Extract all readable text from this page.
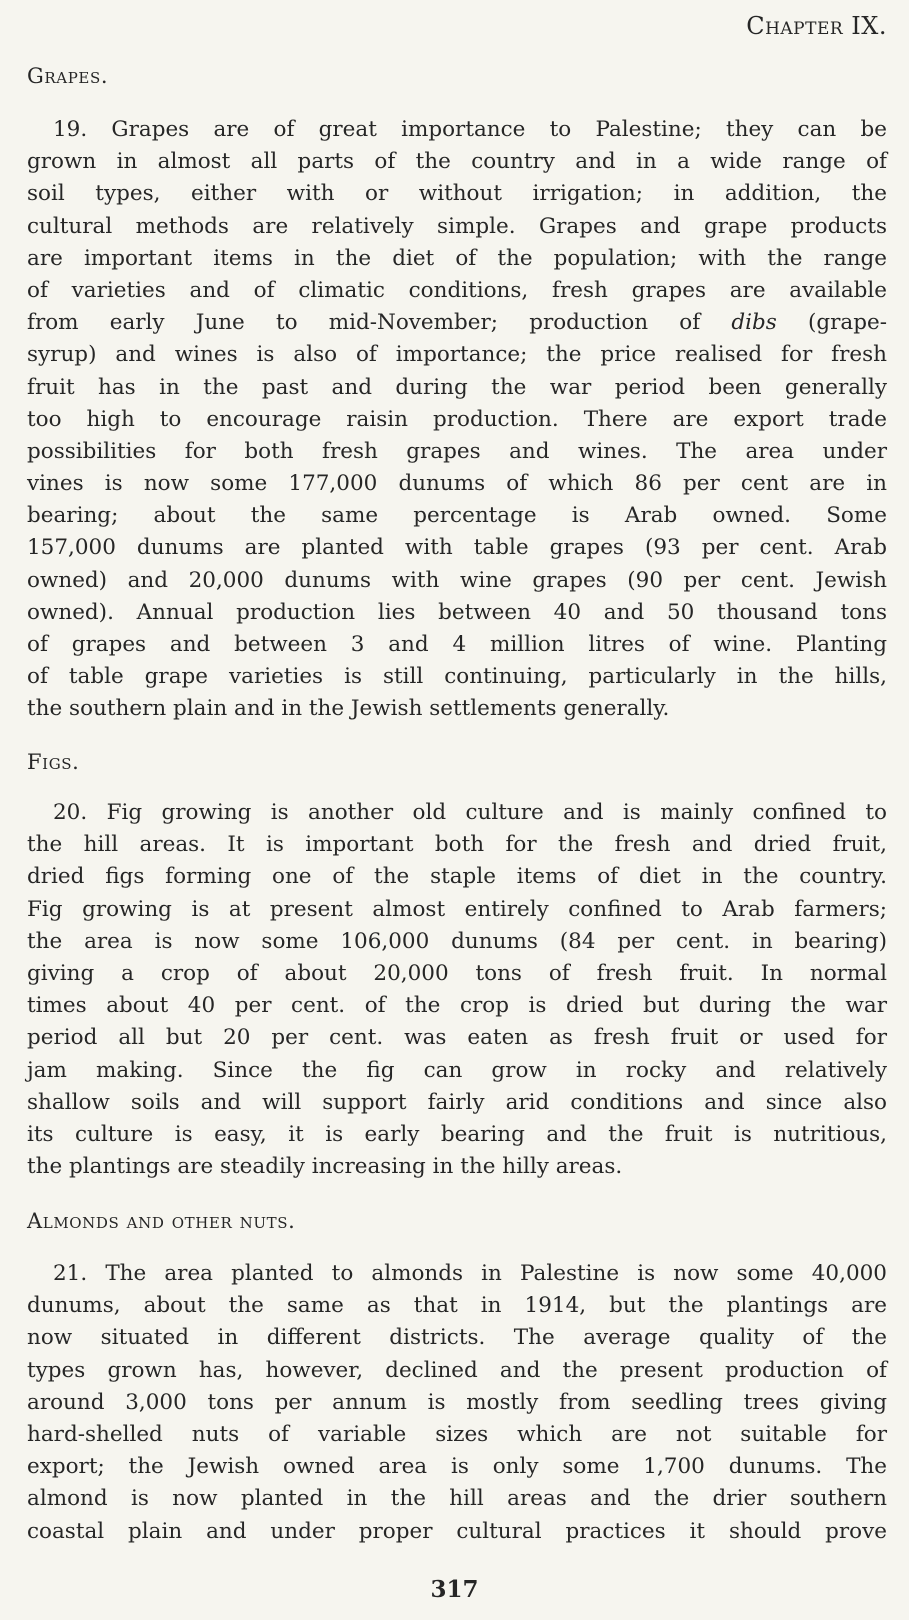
Chapter IX.
Grapes.
19. Grapes are of great importance to Palestine; they can be
grown in almost all parts of the country and in a wide range of
soil types, either with or without irrigation; in addition, the
cultural methods are relatively simple. Grapes and grape products
are important items in the diet of the population; with the range
of varieties and of climatic conditions, fresh grapes are available
from early June to mid-November; production of dibs (grape-
syrup) and wines is also of importance; the price realised for fresh
fruit has in the past and during the war period been generally
too high to encourage raisin production. There are export trade
possibilities for both fresh grapes and wines. The area under
vines is now some 177,000 dunums of which 86 per cent are in
bearing; about the same percentage is Arab owned. Some
157,000 dunums are planted with table grapes (93 per cent. Arab
owned) and 20,000 dunums with wine grapes (90 per cent. Jewish
owned). Annual production lies between 40 and 50 thousand tons
of grapes and between 3 and 4 million litres of wine. Planting
of table grape varieties is still continuing, particularly in the hills,
the southern plain and in the Jewish settlements generally.
Figs.
20. Fig growing is another old culture and is mainly confined to
the hill areas. It is important both for the fresh and dried fruit,
dried figs forming one of the staple items of diet in the country.
Fig growing is at present almost entirely confined to Arab farmers;
the area is now some 106,000 dunums (84 per cent. in bearing)
giving a crop of about 20,000 tons of fresh fruit. In normal
times about 40 per cent. of the crop is dried but during the war
period all but 20 per cent. was eaten as fresh fruit or used for
jam making. Since the fig can grow in rocky and relatively
shallow soils and will support fairly arid conditions and since also
its culture is easy, it is early bearing and the fruit is nutritious,
the plantings are steadily increasing in the hilly areas.
Almonds and other nuts.
21. The area planted to almonds in Palestine is now some 40,000
dunums, about the same as that in 1914, but the plantings are
now situated in different districts. The average quality of the
types grown has, however, declined and the present production of
around 3,000 tons per annum is mostly from seedling trees giving
hard-shelled nuts of variable sizes which are not suitable for
export; the Jewish owned area is only some 1,700 dunums. The
almond is now planted in the hill areas and the drier southern
coastal plain and under proper cultural practices it should prove
317
